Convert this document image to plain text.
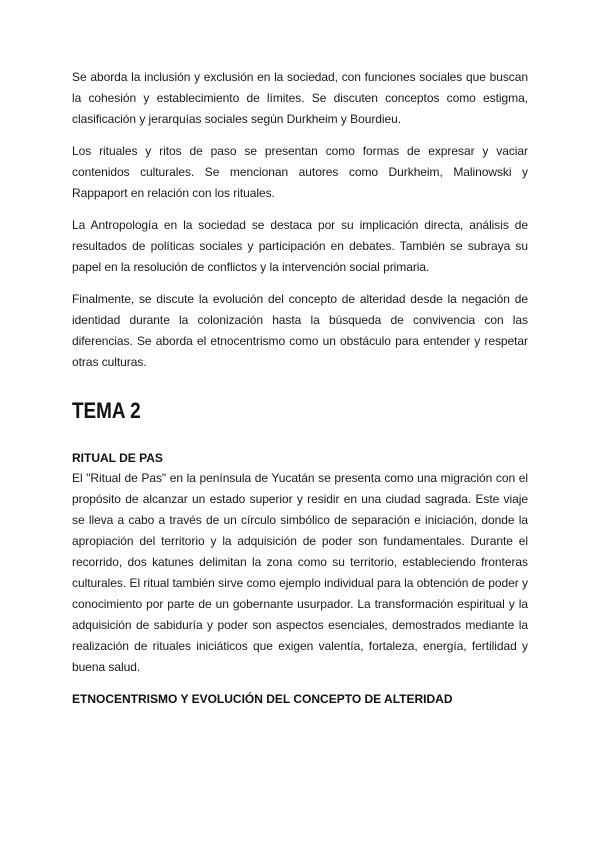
Se aborda la inclusión y exclusión en la sociedad, con funciones sociales que buscan la cohesión y establecimiento de límites. Se discuten conceptos como estigma, clasificación y jerarquías sociales según Durkheim y Bourdieu.

Los rituales y ritos de paso se presentan como formas de expresar y vaciar contenidos culturales. Se mencionan autores como Durkheim, Malinowski y Rappaport en relación con los rituales.

La Antropología en la sociedad se destaca por su implicación directa, análisis de resultados de políticas sociales y participación en debates. También se subraya su papel en la resolución de conflictos y la intervención social primaria.

Finalmente, se discute la evolución del concepto de alteridad desde la negación de identidad durante la colonización hasta la búsqueda de convivencia con las diferencias. Se aborda el etnocentrismo como un obstáculo para entender y respetar otras culturas.

TEMA 2
RITUAL DE PAS

El "Ritual de Pas" en la península de Yucatán se presenta como una migración con el propósito de alcanzar un estado superior y residir en una ciudad sagrada. Este viaje se lleva a cabo a través de un círculo simbólico de separación e iniciación, donde la apropiación del territorio y la adquisición de poder son fundamentales. Durante el recorrido, dos katunes delimitan la zona como su territorio, estableciendo fronteras culturales. El ritual también sirve como ejemplo individual para la obtención de poder y conocimiento por parte de un gobernante usurpador. La transformación espiritual y la adquisición de sabiduría y poder son aspectos esenciales, demostrados mediante la realización de rituales iniciáticos que exigen valentía, fortaleza, energía, fertilidad y buena salud.

ETNOCENTRISMO Y EVOLUCIÓN DEL CONCEPTO DE ALTERIDAD
